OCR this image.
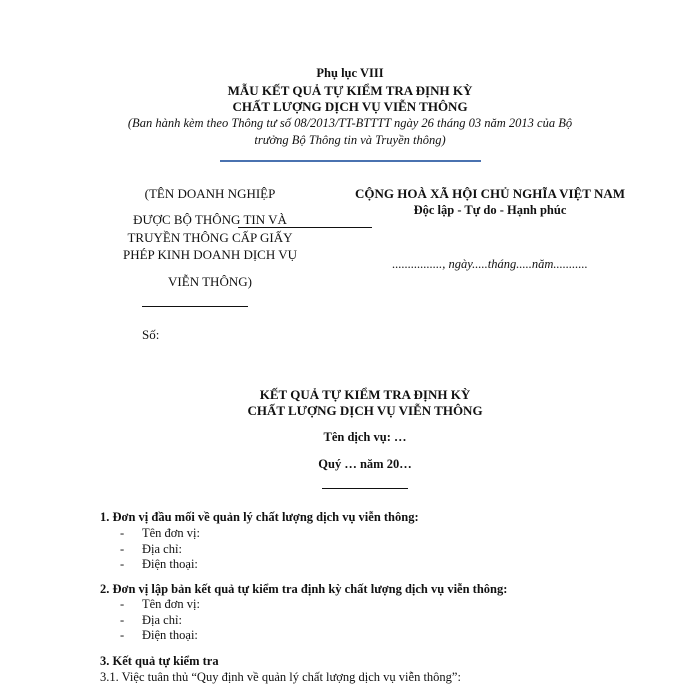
Phụ lục VIII
MẪU KẾT QUẢ TỰ KIỂM TRA ĐỊNH KỲ
CHẤT LƯỢNG DỊCH VỤ VIỄN THÔNG
(Ban hành kèm theo Thông tư số 08/2013/TT-BTTTT ngày 26 tháng 03 năm 2013 của Bộ
trưởng Bộ Thông tin và Truyền thông)
(TÊN DOANH NGHIỆP
ĐƯỢC BỘ THÔNG TIN VÀ
TRUYỀN THÔNG CẤP GIẤY
PHÉP KINH DOANH DỊCH VỤ
VIỄN THÔNG)
Số:
CỘNG HOÀ XÃ HỘI CHỦ NGHĨA VIỆT NAM
Độc lập - Tự do - Hạnh phúc
................, ngày.....tháng.....năm...........
KẾT QUẢ TỰ KIỂM TRA ĐỊNH KỲ
CHẤT LƯỢNG DỊCH VỤ VIỄN THÔNG
Tên dịch vụ: …
Quý … năm 20…
1. Đơn vị đầu mối về quản lý chất lượng dịch vụ viễn thông:
- Tên đơn vị:
- Địa chỉ:
- Điện thoại:
2. Đơn vị lập bản kết quả tự kiểm tra định kỳ chất lượng dịch vụ viễn thông:
- Tên đơn vị:
- Địa chỉ:
- Điện thoại:
3. Kết quả tự kiểm tra
3.1. Việc tuân thủ “Quy định về quản lý chất lượng dịch vụ viễn thông”:
